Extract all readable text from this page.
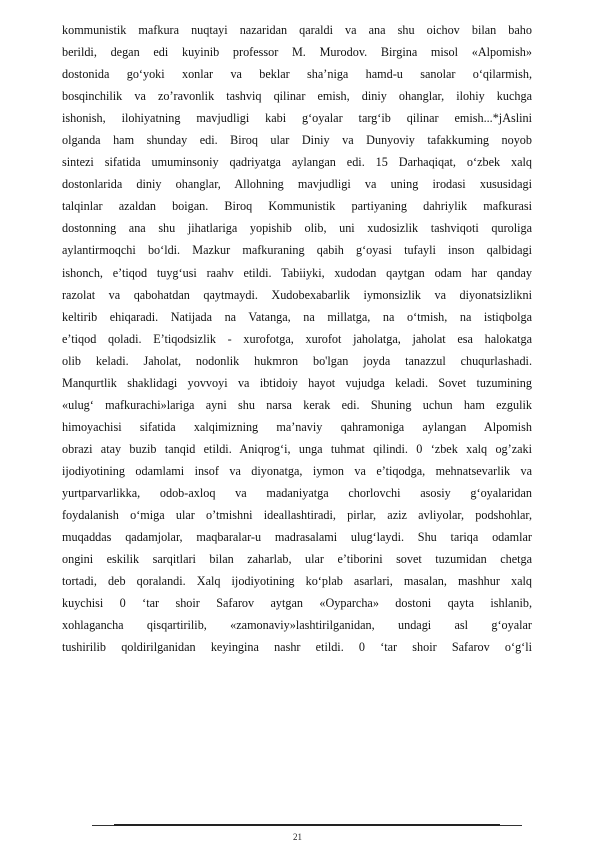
kommunistik mafkura nuqtayi nazaridan qaraldi va ana shu oichov bilan baho
berildi, degan edi kuyinib professor M. Murodov. Birgina misol «Alpomish»
dostonida go‘yoki xonlar va beklar sha’niga hamd-u sanolar o‘qilarmish,
bosqinchilik va zo’ravonlik tashviq qilinar emish, diniy ohanglar, ilohiy kuchga
ishonish, ilohiyatning mavjudligi kabi g‘oyalar targ‘ib qilinar emish...*jAslini
olganda ham shunday edi. Biroq ular Diniy va Dunyoviy tafakkuming noyob
sintezi sifatida umuminsoniy qadriyatga aylangan edi. 15 Darhaqiqat, o‘zbek xalq
dostonlarida diniy ohanglar, Allohning mavjudligi va uning irodasi xususidagi
talqinlar azaldan boigan. Biroq Kommunistik partiyaning dahriylik mafkurasi
dostonning ana shu jihatlariga yopishib olib, uni xudosizlik tashviqoti quroliga
aylantirmoqchi bo‘ldi. Mazkur mafkuraning qabih g‘oyasi tufayli inson qalbidagi
ishonch, e’tiqod tuyg‘usi raahv etildi. Tabiiyki, xudodan qaytgan odam har qanday
razolat va qabohatdan qaytmaydi. Xudobexabarlik iymonsizlik va diyonatsizlikni
keltirib ehiqaradi. Natijada na Vatanga, na millatga, na o‘tmish, na istiqbolga
e’tiqod qoladi. E’tiqodsizlik - xurofotga, xurofot jaholatga, jaholat esa halokatga
olib keladi. Jaholat, nodonlik hukmron bo'lgan joyda tanazzul chuqurlashadi.
Manqurtlik shaklidagi yovvoyi va ibtidoiy hayot vujudga keladi. Sovet tuzumining
«ulug‘ mafkurachi»lariga ayni shu narsa kerak edi. Shuning uchun ham ezgulik
himoyachisi sifatida xalqimizning ma’naviy qahramoniga aylangan Alpomish
obrazi atay buzib tanqid etildi. Aniqrog‘i, unga tuhmat qilindi. 0 ‘zbek xalq og’zaki
ijodiyotining odamlami insof va diyonatga, iymon va e’tiqodga, mehnatsevarlik va
yurtparvarlikka, odob-axloq va madaniyatga chorlovchi asosiy g‘oyalaridan
foydalanish o‘miga ular o’tmishni ideallashtiradi, pirlar, aziz avliyolar, podshohlar,
muqaddas qadamjolar, maqbaralar-u madrasalami ulug‘laydi. Shu tariqa odamlar
ongini eskilik sarqitlari bilan zaharlab, ular e’tiborini sovet tuzumidan chetga
tortadi, deb qoralandi. Xalq ijodiyotining ko‘plab asarlari, masalan, mashhur xalq
kuychisi 0 ‘tar shoir Safarov aytgan «Oyparcha» dostoni qayta ishlanib,
xohlagancha qisqartirilib, «zamonaviy»lashtirilganidan, undagi asl g‘oyalar
tushirilib qoldirilganidan keyingina nashr etildi. 0 ‘tar shoir Safarov o‘g‘li
21
